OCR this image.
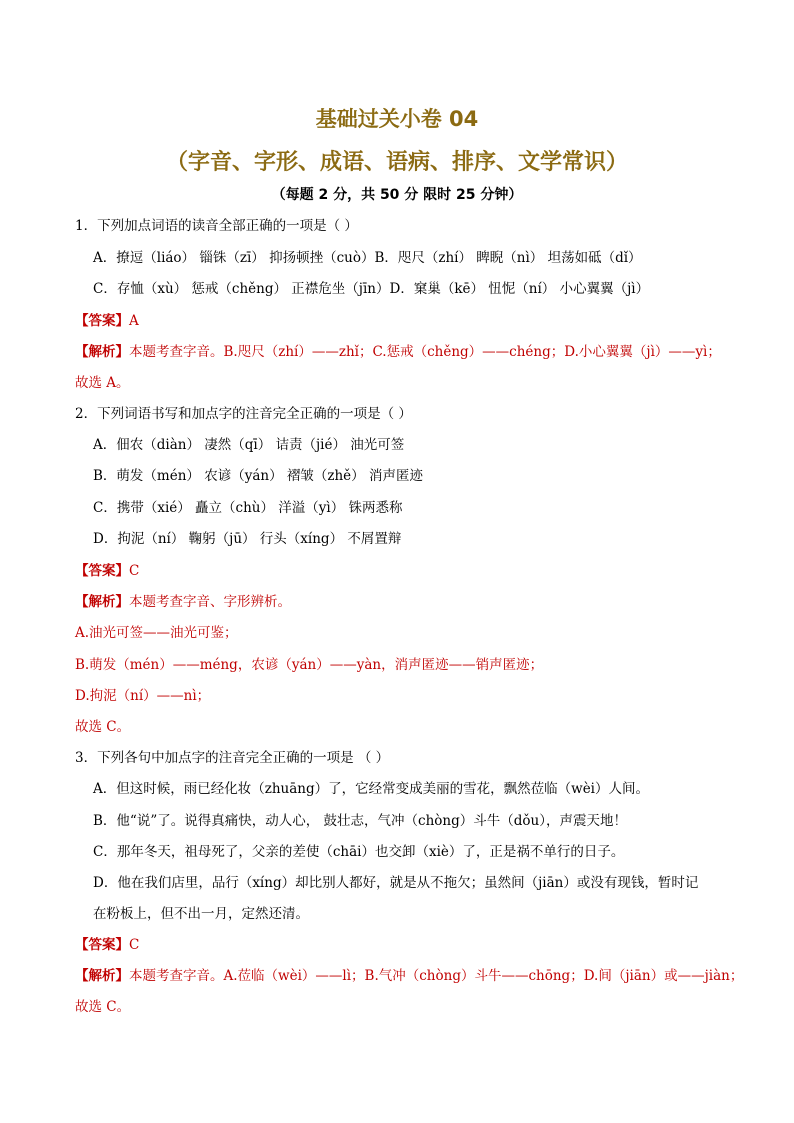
基础过关小卷 04
（字音、字形、成语、语病、排序、文学常识）
（每题 2 分，共 50 分 限时 25 分钟）
1．下列加点词语的读音全部正确的一项是（ ）
A．撩逗（liáo） 锱铢（zī） 抑扬顿挫（cuò）B．咫尺（zhí） 睥睨（nì） 坦荡如砥（dǐ）
C．存恤（xù） 惩戒（chěng） 正襟危坐（jīn）D．窠巢（kē） 忸怩（ní） 小心翼翼（jì）
【答案】A
【解析】本题考查字音。B.咫尺（zhí）——zhǐ；C.惩戒（chěng）——chéng；D.小心翼翼（jì）——yì；
故选 A。
2．下列词语书写和加点字的注音完全正确的一项是（ ）
A．佃农（diàn） 凄然（qī） 诘责（jié） 油光可签
B．萌发（mén） 农谚（yán） 褶皱（zhě） 消声匿迹
C．携带（xié） 矗立（chù） 洋溢（yì） 铢两悉称
D．拘泥（ní） 鞠躬（jū） 行头（xíng） 不屑置辩
【答案】C
【解析】本题考查字音、字形辨析。
A.油光可签——油光可鉴；
B.萌发（mén）——méng，农谚（yán）——yàn，消声匿迹——销声匿迹；
D.拘泥（ní）——nì；
故选 C。
3．下列各句中加点字的注音完全正确的一项是 （ ）
A．但这时候，雨已经化妆（zhuāng）了，它经常变成美丽的雪花，飘然莅临（wèi）人间。
B．他“说”了。说得真痛快，动人心， 鼓壮志，气冲（chòng）斗牛（dǒu），声震天地！
C．那年冬天，祖母死了，父亲的差使（chāi）也交卸（xiè）了，正是祸不单行的日子。
D．他在我们店里，品行（xíng）却比别人都好，就是从不拖欠；虽然间（jiān）或没有现钱，暂时记
在粉板上，但不出一月，定然还清。
【答案】C
【解析】本题考查字音。A.莅临（wèi）——lì；B.气冲（chòng）斗牛——chōng；D.间（jiān）或——jiàn；
故选 C。
